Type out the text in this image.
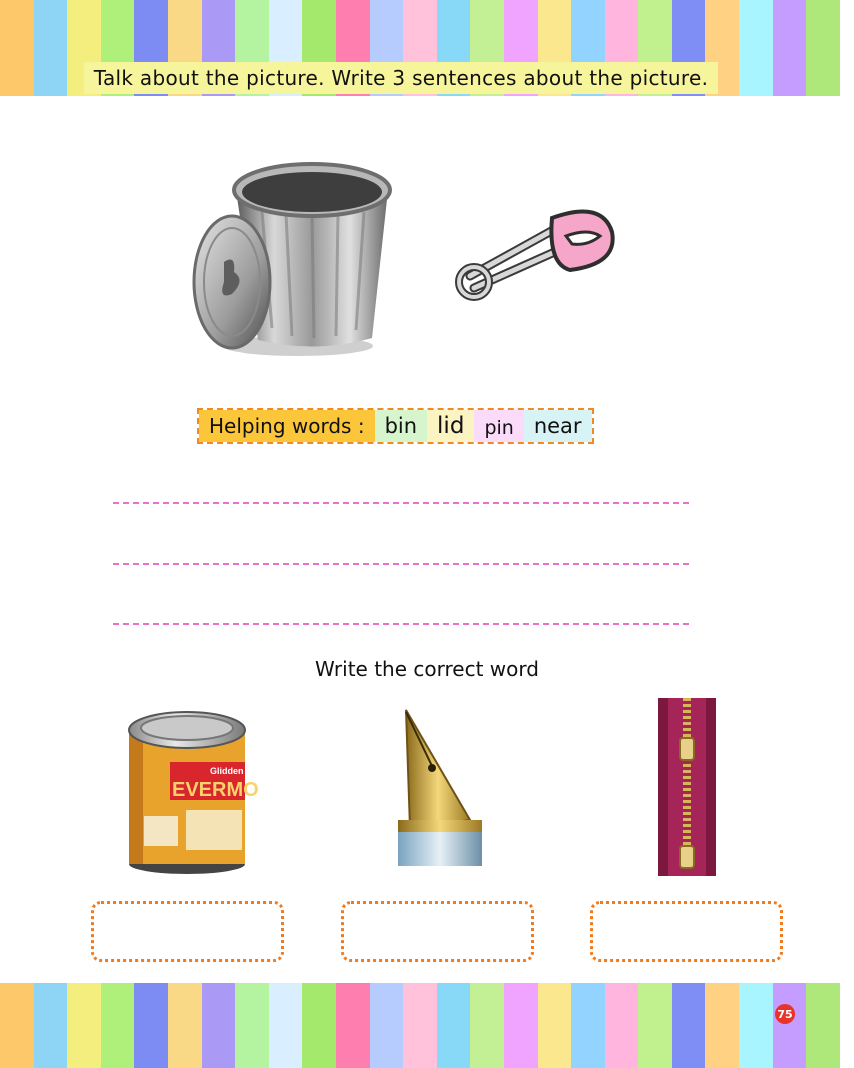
Talk about the picture. Write 3 sentences about the picture.
Helping words : bin lid	pin near
Write the correct word
Glidden
EVERMO
75
